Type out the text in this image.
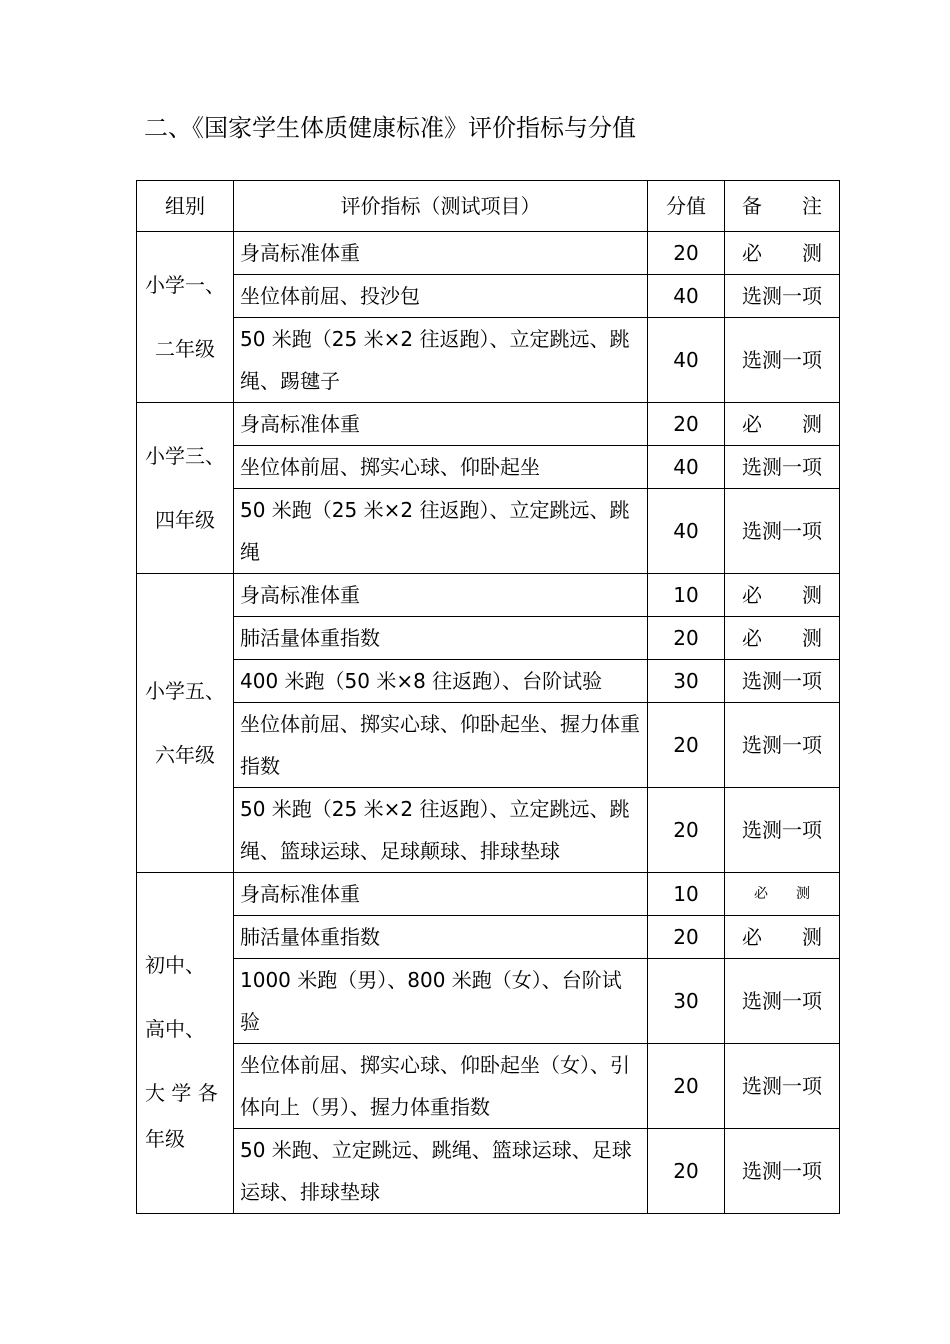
二、《国家学生体质健康标准》评价指标与分值
组别	评价指标（测试项目）	分值	备　　注

小学一、
二年级	身高标准体重	20	必　　测
	坐位体前屈、投沙包	40	选测一项
	50 米跑（25 米×2 往返跑）、立定跳远、跳绳、踢毽子	40	选测一项

小学三、
四年级	身高标准体重	20	必　　测
	坐位体前屈、掷实心球、仰卧起坐	40	选测一项
	50 米跑（25 米×2 往返跑）、立定跳远、跳绳	40	选测一项

小学五、
六年级	身高标准体重	10	必　　测
	肺活量体重指数	20	必　　测
	400 米跑（50 米×8 往返跑）、台阶试验	30	选测一项
	坐位体前屈、掷实心球、仰卧起坐、握力体重指数	20	选测一项
	50 米跑（25 米×2 往返跑）、立定跳远、跳绳、篮球运球、足球颠球、排球垫球	20	选测一项

初中、
高中、
大 学 各
年级	身高标准体重	10	必　　测
	肺活量体重指数	20	必　　测
	1000 米跑（男）、800 米跑（女）、台阶试验	30	选测一项
	坐位体前屈、掷实心球、仰卧起坐（女）、引体向上（男）、握力体重指数	20	选测一项
	50 米跑、立定跳远、跳绳、篮球运球、足球运球、排球垫球	20	选测一项
